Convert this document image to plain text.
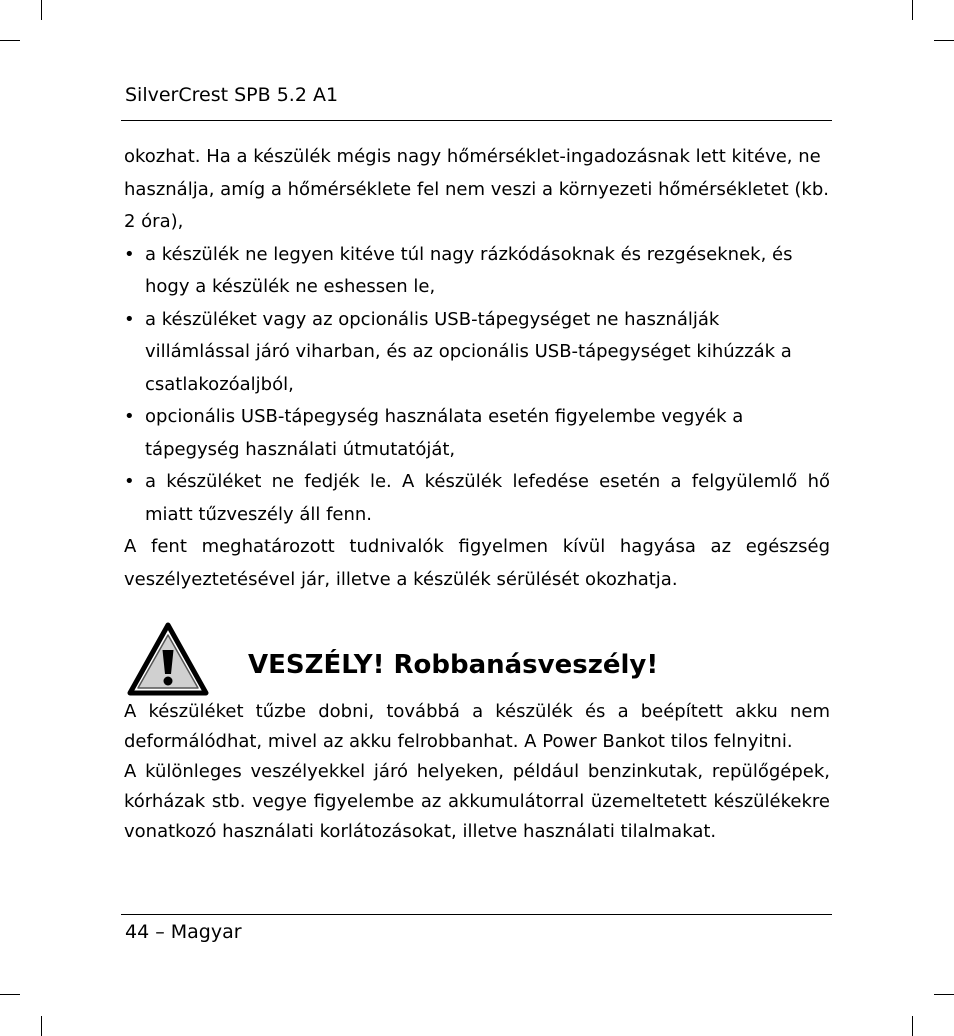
SilverCrest SPB 5.2 A1

okozhat. Ha a készülék mégis nagy hőmérséklet-ingadozásnak lett kitéve, ne használja, amíg a hőmérséklete fel nem veszi a környezeti hőmérsékletet (kb. 2 óra),

• a készülék ne legyen kitéve túl nagy rázkódásoknak és rezgéseknek, és hogy a készülék ne eshessen le,
• a készüléket vagy az opcionális USB-tápegységet ne használják villámlással járó viharban, és az opcionális USB-tápegységet kihúzzák a csatlakozóaljból,
• opcionális USB-tápegység használata esetén figyelembe vegyék a tápegység használati útmutatóját,
• a készüléket ne fedjék le. A készülék lefedése esetén a felgyülemlő hő miatt tűzveszély áll fenn.

A fent meghatározott tudnivalók figyelmen kívül hagyása az egészség veszélyeztetésével jár, illetve a készülék sérülését okozhatja.

VESZÉLY! Robbanásveszély!

A készüléket tűzbe dobni, továbbá a készülék és a beépített akku nem deformálódhat, mivel az akku felrobbanhat. A Power Bankot tilos felnyitni.

A különleges veszélyekkel járó helyeken, például benzinkutak, repülőgépek, kórházak stb. vegye figyelembe az akkumulátorral üzemeltetett készülékekre vonatkozó használati korlátozásokat, illetve használati tilalmakat.

44 – Magyar
